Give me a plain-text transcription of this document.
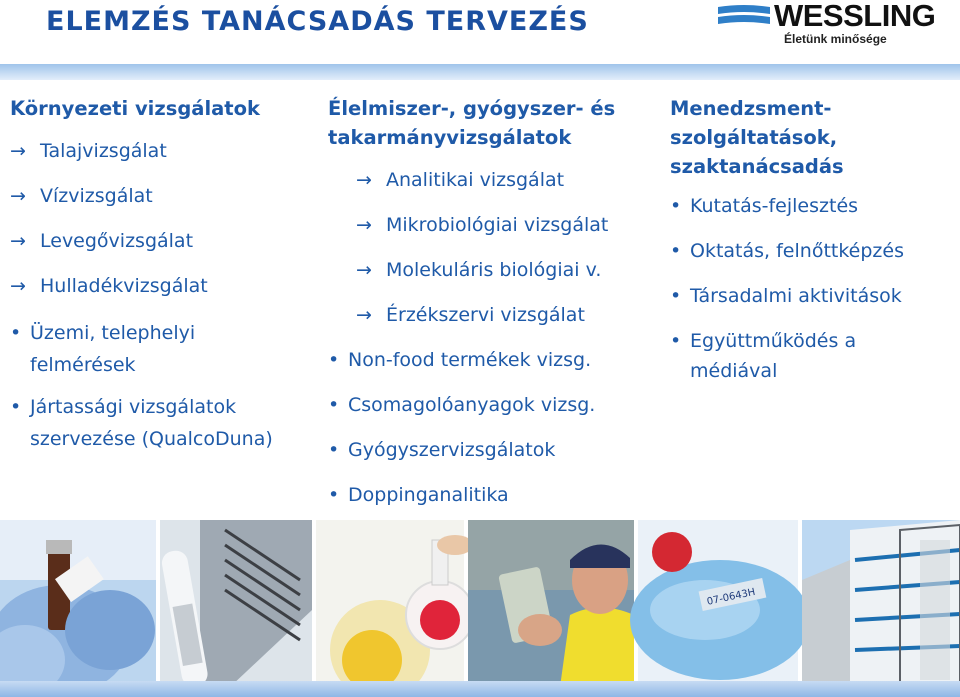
ELEMZÉS TANÁCSADÁS TERVEZÉS	WESSLING
Életünk minősége
Környezeti vizsgálatok
→ Talajvizsgálat
→ Vízvizsgálat
→ Levegővizsgálat
→ Hulladékvizsgálat
• Üzemi, telephelyi
felmérések
• Jártassági vizsgálatok
szervezése (QualcoDuna)
Élelmiszer-, gyógyszer- és
takarmányvizsgálatok
→ Analitikai vizsgálat
→ Mikrobiológiai vizsgálat
→ Molekuláris biológiai v.
→ Érzékszervi vizsgálat
• Non-food termékek vizsg.
• Csomagolóanyagok vizsg.
• Gyógyszervizsgálatok
• Doppinganalitika
Menedzsment-
szolgáltatások,
szaktanácsadás
• Kutatás-fejlesztés
• Oktatás, felnőttképzés
• Társadalmi aktivitások
• Együttműködés a
médiával
07-0643H
